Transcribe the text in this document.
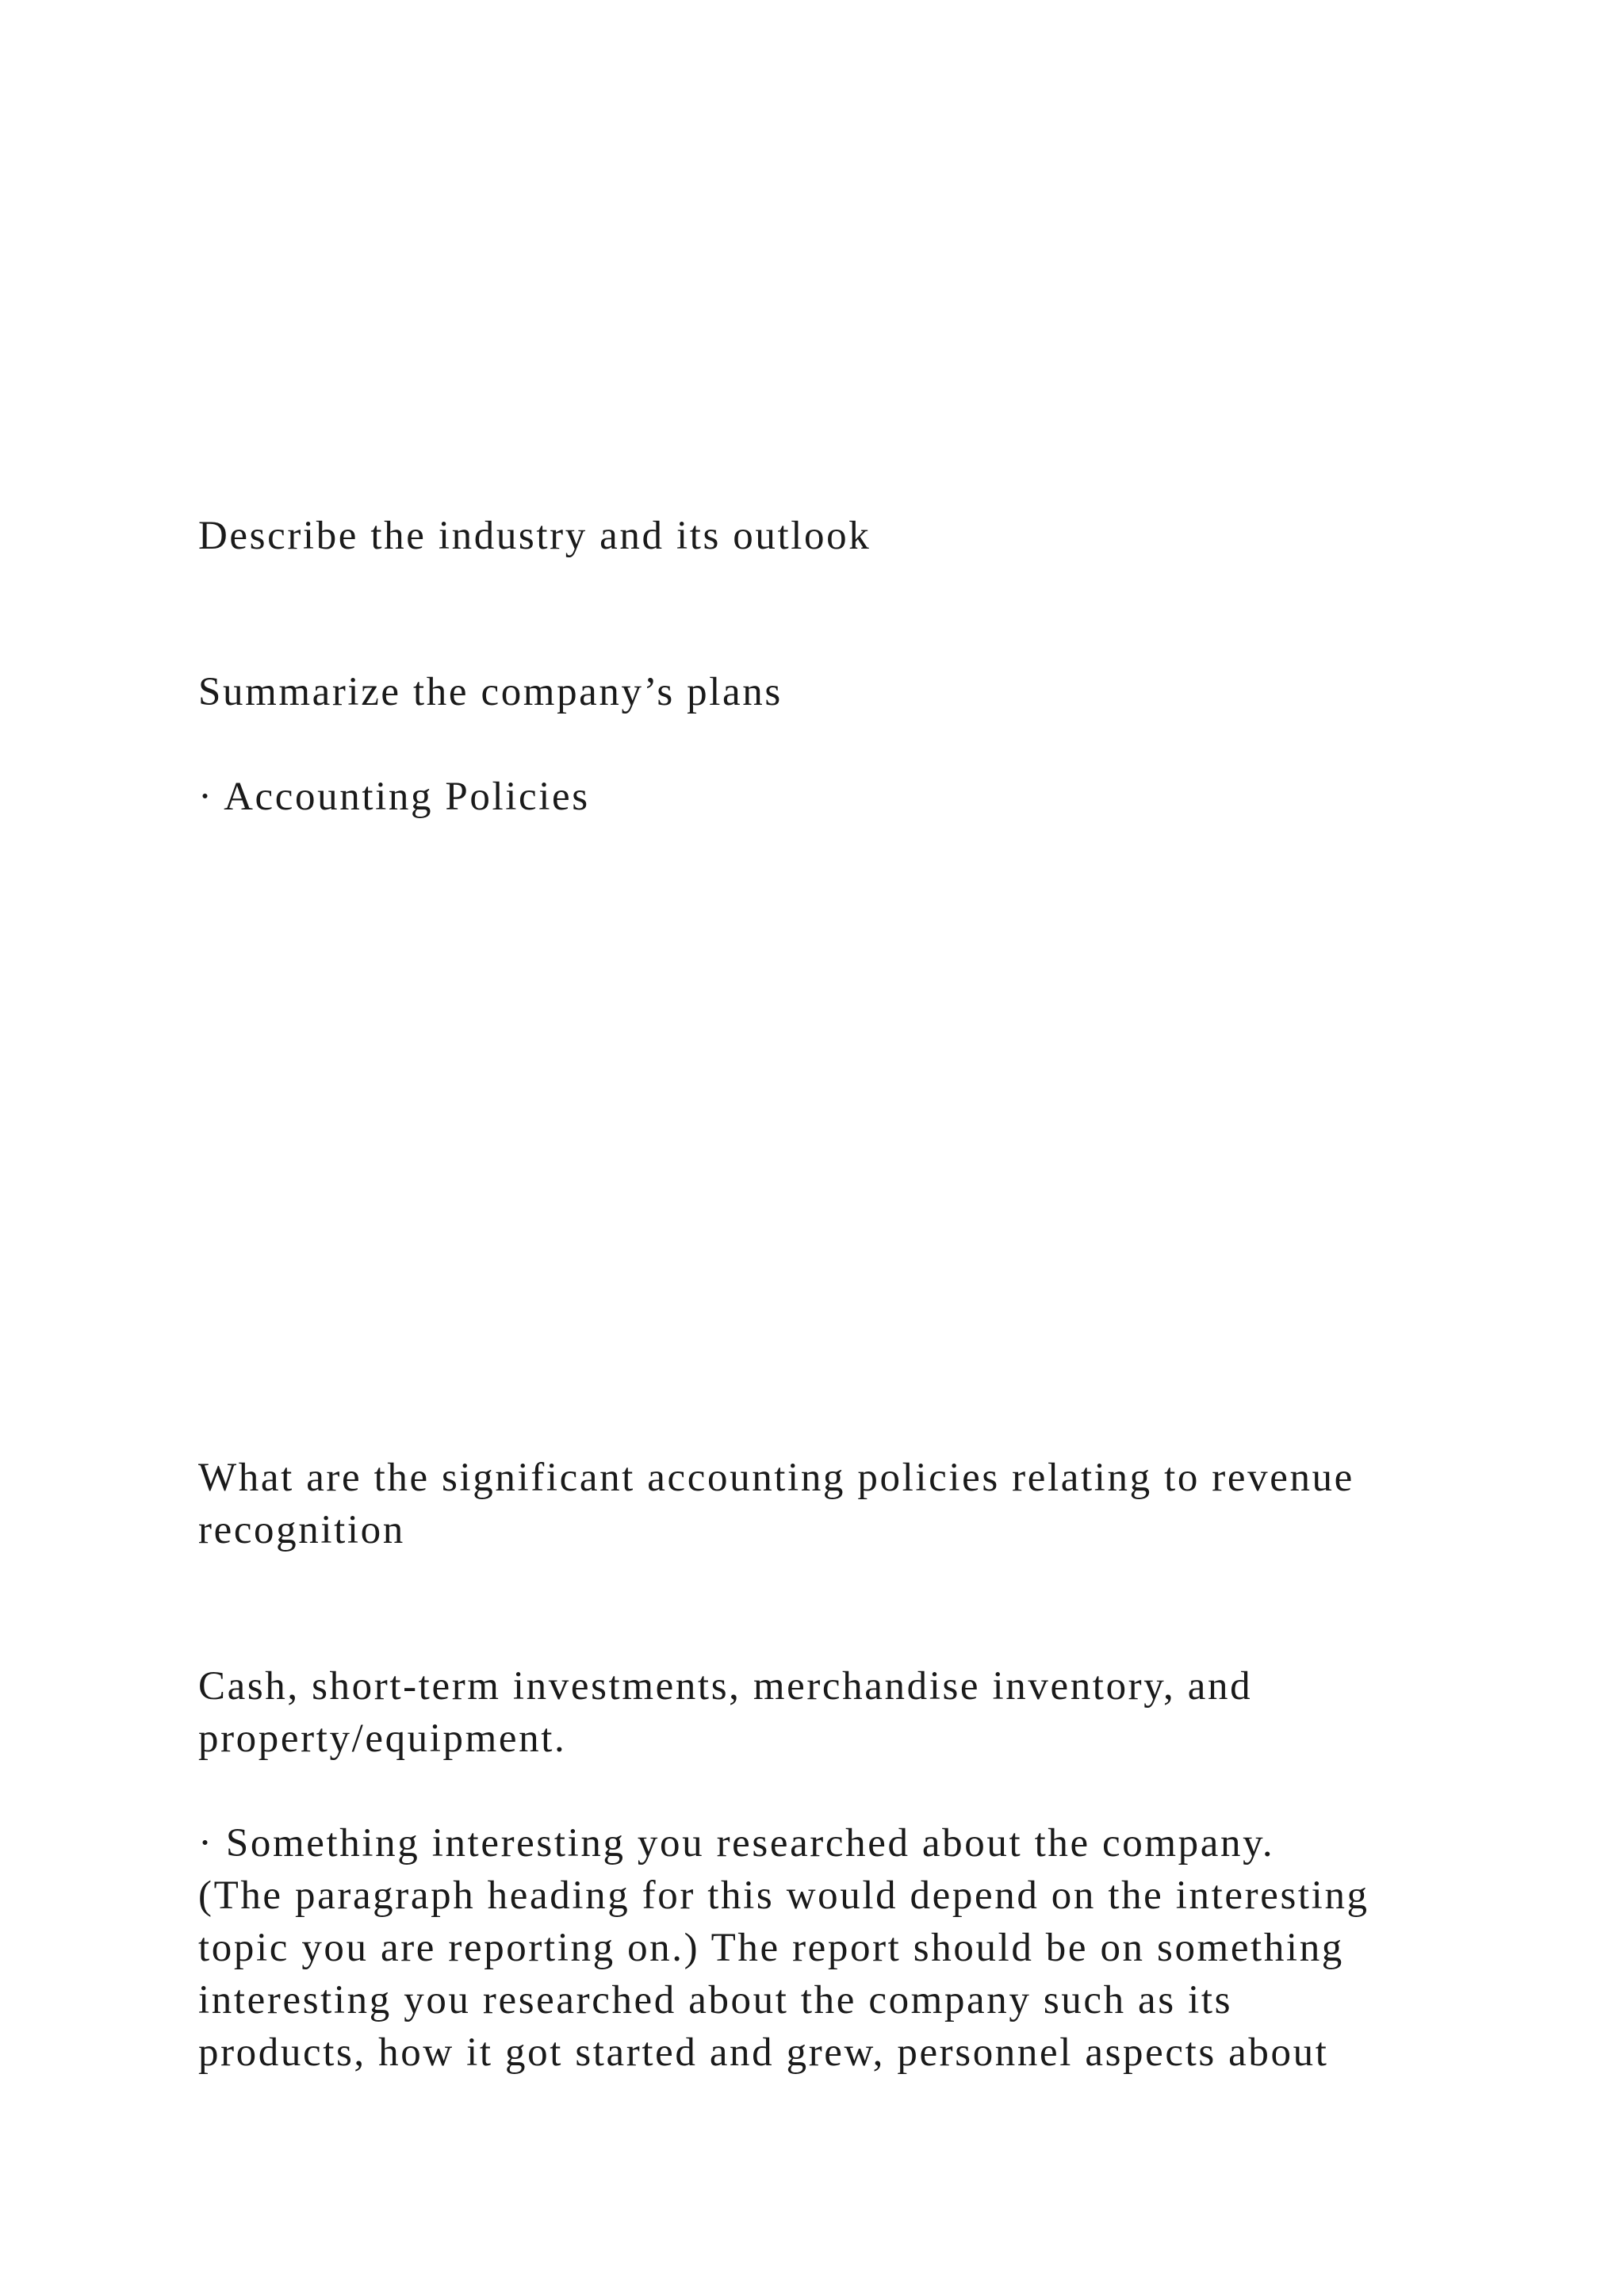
Describe the industry and its outlook

Summarize the company’s plans

· Accounting Policies

What are the significant accounting policies relating to revenue
recognition

Cash, short-term investments, merchandise inventory, and
property/equipment.

· Something interesting you researched about the company.
(The paragraph heading for this would depend on the interesting
topic you are reporting on.) The report should be on something
interesting you researched about the company such as its
products, how it got started and grew, personnel aspects about
